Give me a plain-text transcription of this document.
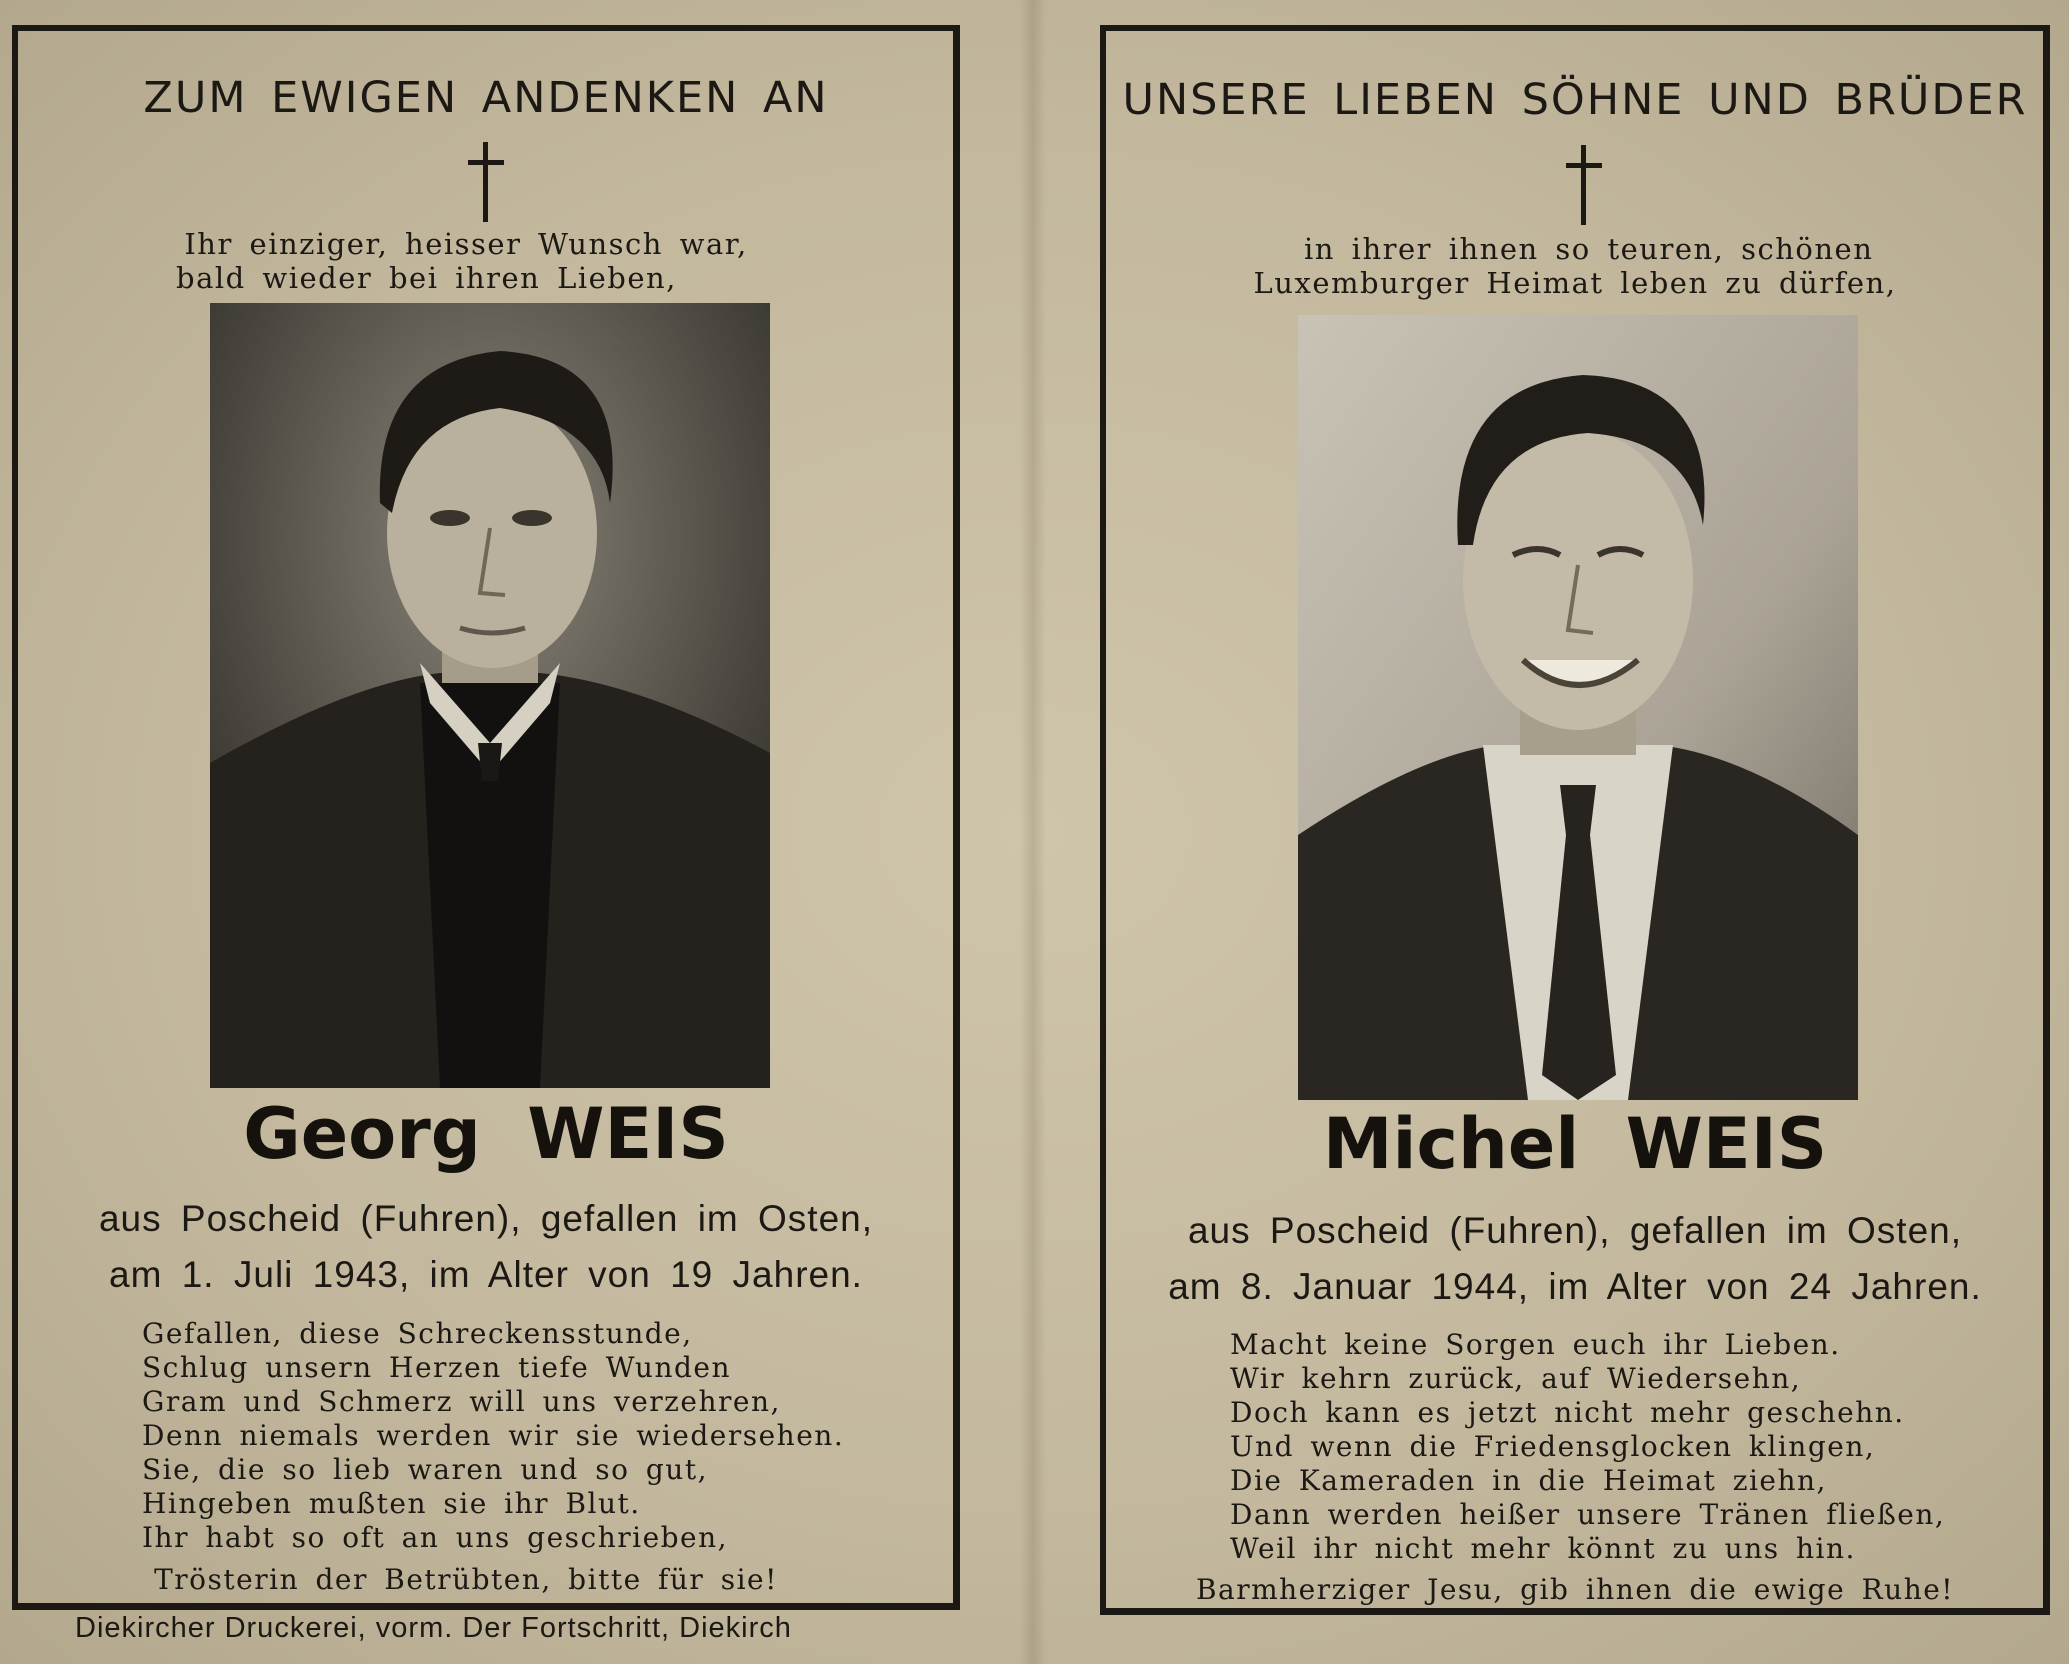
ZUM EWIGEN ANDENKEN AN
Ihr einziger, heisser Wunsch war,
bald wieder bei ihren Lieben,
Georg WEIS
aus Poscheid (Fuhren), gefallen im Osten,
am 1. Juli 1943, im Alter von 19 Jahren.
Gefallen, diese Schreckensstunde,
Schlug unsern Herzen tiefe Wunden
Gram und Schmerz will uns verzehren,
Denn niemals werden wir sie wiedersehen.
Sie, die so lieb waren und so gut,
Hingeben mußten sie ihr Blut.
Ihr habt so oft an uns geschrieben,
Trösterin der Betrübten, bitte für sie!
UNSERE LIEBEN SÖHNE UND BRÜDER
in ihrer ihnen so teuren, schönen
Luxemburger Heimat leben zu dürfen,
Michel WEIS
aus Poscheid (Fuhren), gefallen im Osten,
am 8. Januar 1944, im Alter von 24 Jahren.
Macht keine Sorgen euch ihr Lieben.
Wir kehrn zurück, auf Wiedersehn,
Doch kann es jetzt nicht mehr geschehn.
Und wenn die Friedensglocken klingen,
Die Kameraden in die Heimat ziehn,
Dann werden heißer unsere Tränen fließen,
Weil ihr nicht mehr könnt zu uns hin.
Barmherziger Jesu, gib ihnen die ewige Ruhe!
Diekircher Druckerei, vorm. Der Fortschritt, Diekirch
